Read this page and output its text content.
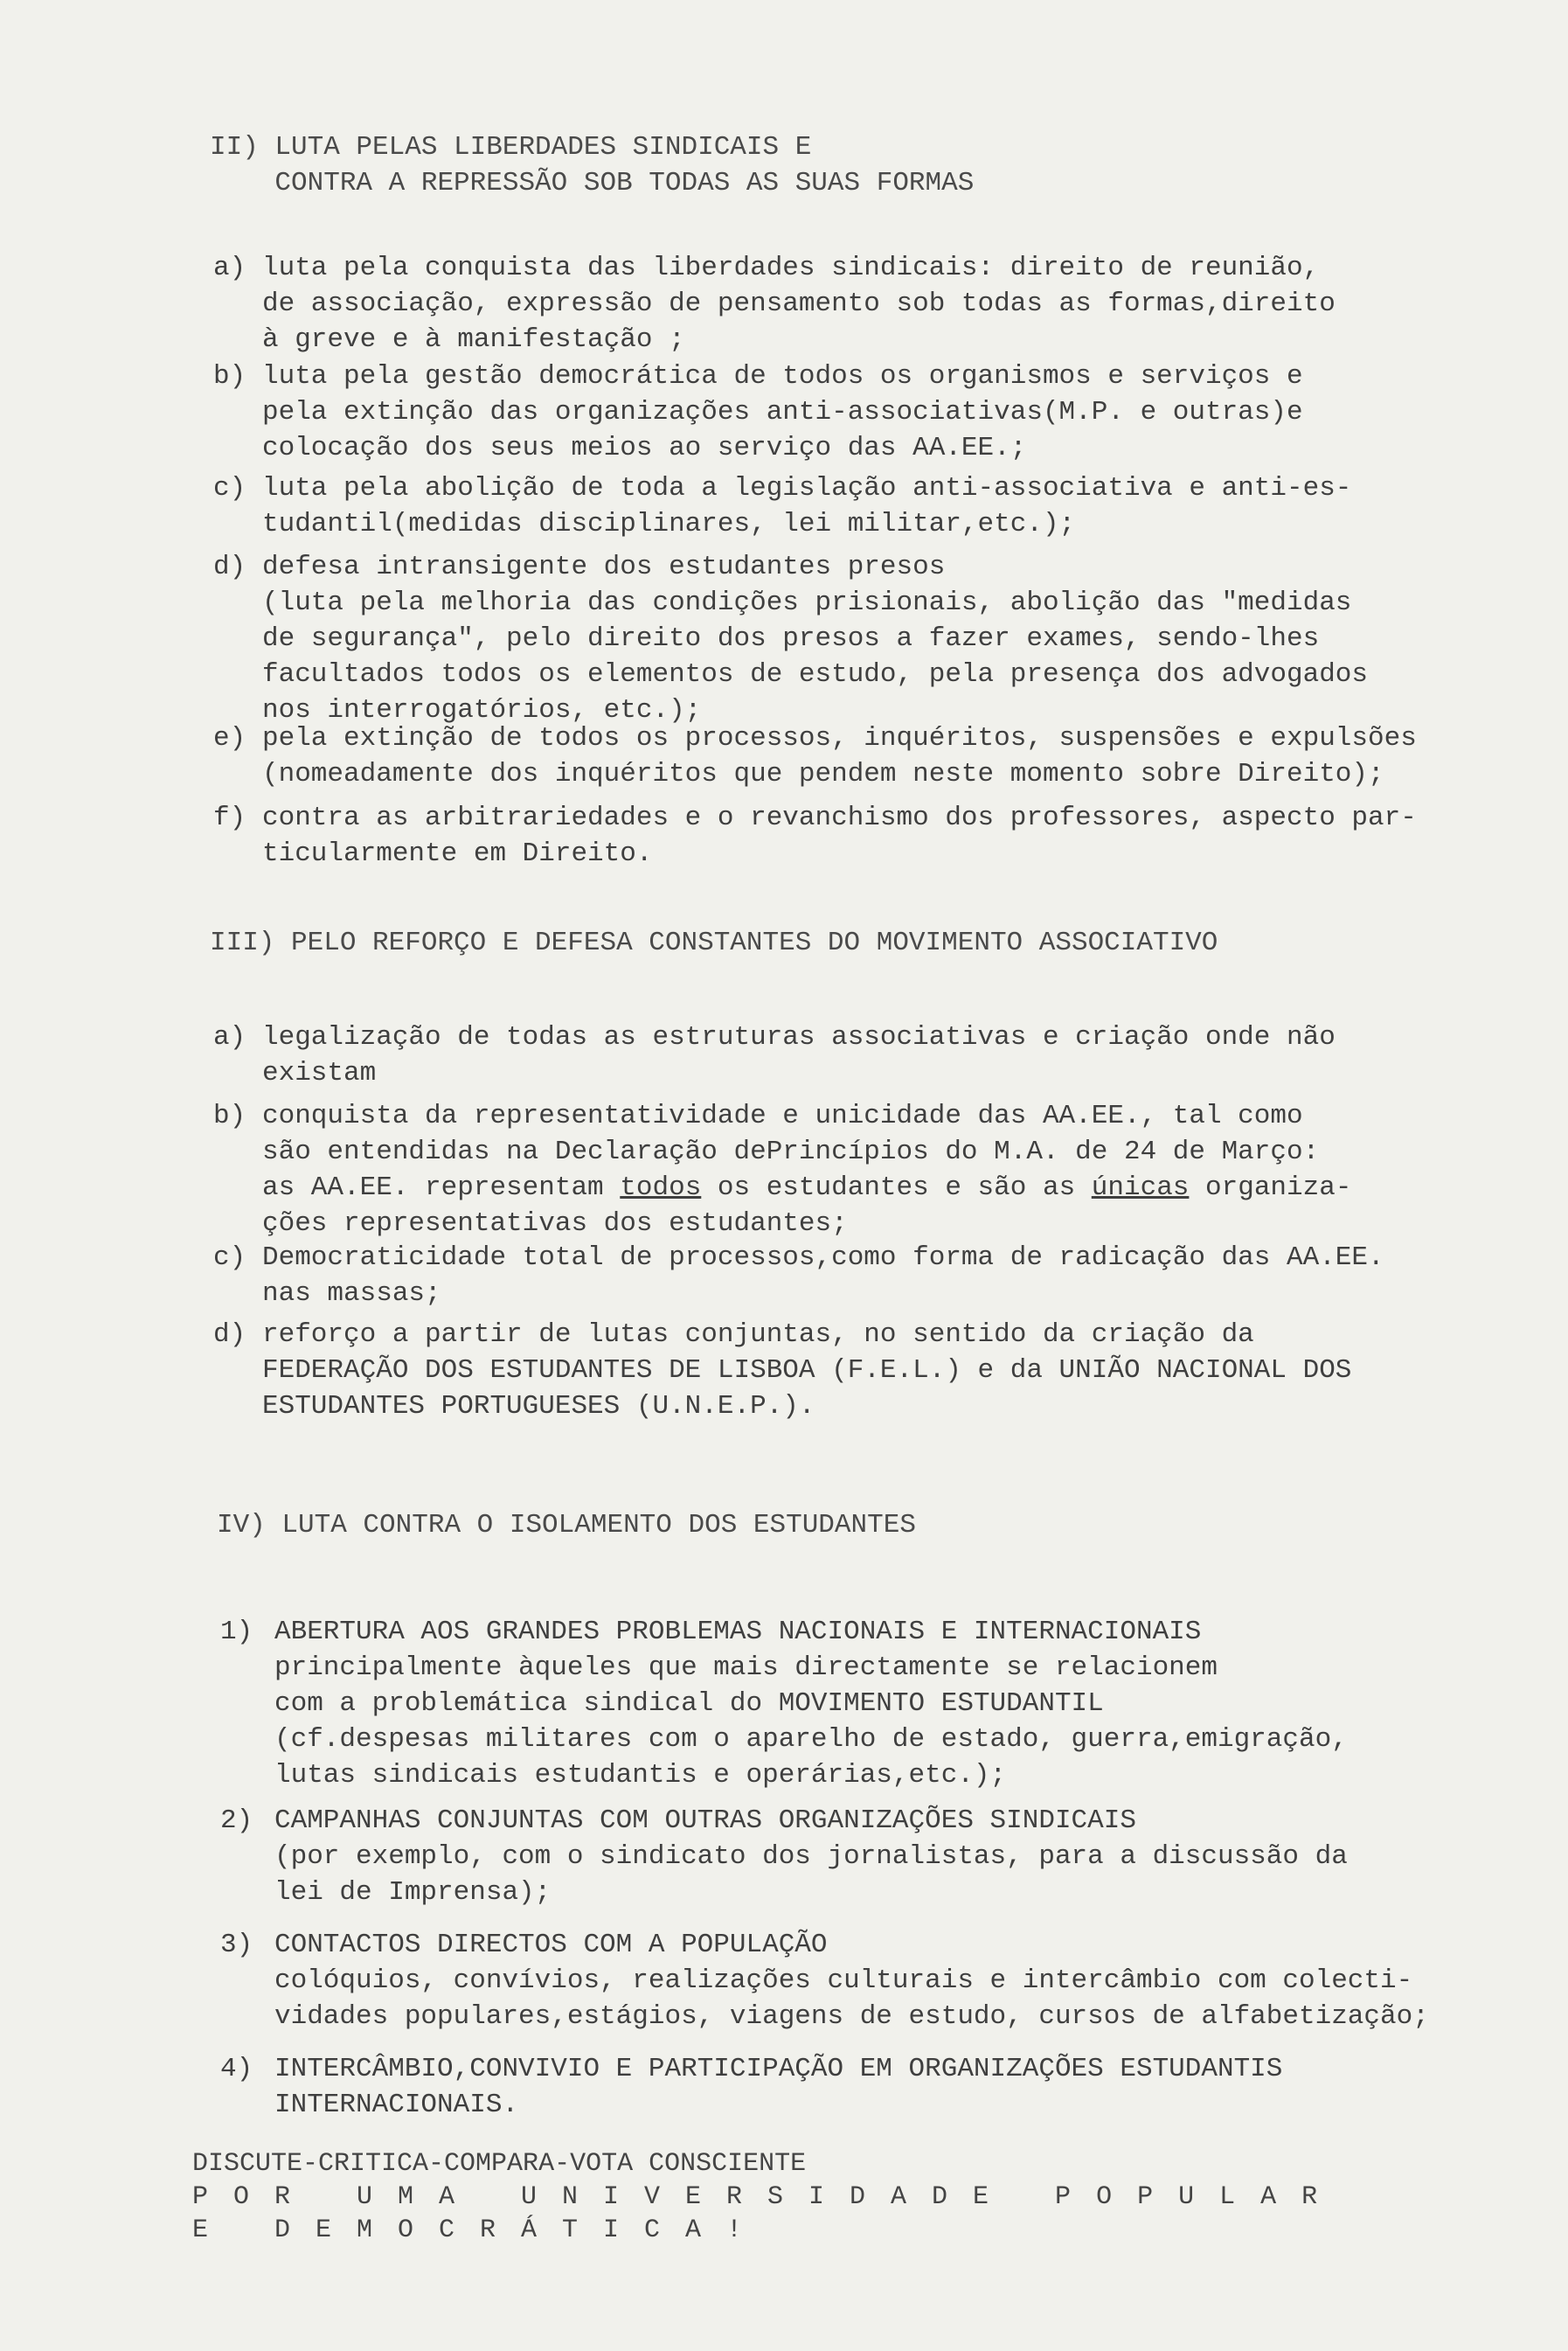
II) LUTA PELAS LIBERDADES SINDICAIS E
CONTRA A REPRESSÃO SOB TODAS AS SUAS FORMAS
a) luta pela conquista das liberdades sindicais: direito de reunião,
de associação, expressão de pensamento sob todas as formas,direito
à greve e à manifestação ;
b) luta pela gestão democrática de todos os organismos e serviços e
pela extinção das organizações anti-associativas(M.P. e outras)e
colocação dos seus meios ao serviço das AA.EE.;
c) luta pela abolição de toda a legislação anti-associativa e anti-es-
tudantil(medidas disciplinares, lei militar,etc.);
d) defesa intransigente dos estudantes presos
(luta pela melhoria das condições prisionais, abolição das "medidas
de segurança", pelo direito dos presos a fazer exames, sendo-lhes
facultados todos os elementos de estudo, pela presença dos advogados
nos interrogatórios, etc.);
e) pela extinção de todos os processos, inquéritos, suspensões e expulsões
(nomeadamente dos inquéritos que pendem neste momento sobre Direito);
f) contra as arbitrariedades e o revanchismo dos professores, aspecto par-
ticularmente em Direito.
III) PELO REFORÇO E DEFESA CONSTANTES DO MOVIMENTO ASSOCIATIVO
a) legalização de todas as estruturas associativas e criação onde não
existam
b) conquista da representatividade e unicidade das AA.EE., tal como
são entendidas na Declaração dePrincípios do M.A. de 24 de Março:
as AA.EE. representam todos os estudantes e são as únicas organiza-
ções representativas dos estudantes;
c) Democraticidade total de processos,como forma de radicação das AA.EE.
nas massas;
d) reforço a partir de lutas conjuntas, no sentido da criação da
FEDERAÇÃO DOS ESTUDANTES DE LISBOA (F.E.L.) e da UNIÃO NACIONAL DOS
ESTUDANTES PORTUGUESES (U.N.E.P.).
IV) LUTA CONTRA O ISOLAMENTO DOS ESTUDANTES
1) ABERTURA AOS GRANDES PROBLEMAS NACIONAIS E INTERNACIONAIS
principalmente àqueles que mais directamente se relacionem
com a problemática sindical do MOVIMENTO ESTUDANTIL
(cf.despesas militares com o aparelho de estado, guerra,emigração,
lutas sindicais estudantis e operárias,etc.);
2) CAMPANHAS CONJUNTAS COM OUTRAS ORGANIZAÇÕES SINDICAIS
(por exemplo, com o sindicato dos jornalistas, para a discussão da
lei de Imprensa);
3) CONTACTOS DIRECTOS COM A POPULAÇÃO
colóquios, convívios, realizações culturais e intercâmbio com colecti-
vidades populares,estágios, viagens de estudo, cursos de alfabetização;
4) INTERCÂMBIO,CONVIVIO E PARTICIPAÇÃO EM ORGANIZAÇÕES ESTUDANTIS
INTERNACIONAIS.
DISCUTE-CRITICA-COMPARA-VOTA CONSCIENTE
POR UMA UNIVERSIDADE POPULAR
E DEMOCRÁTICA!
